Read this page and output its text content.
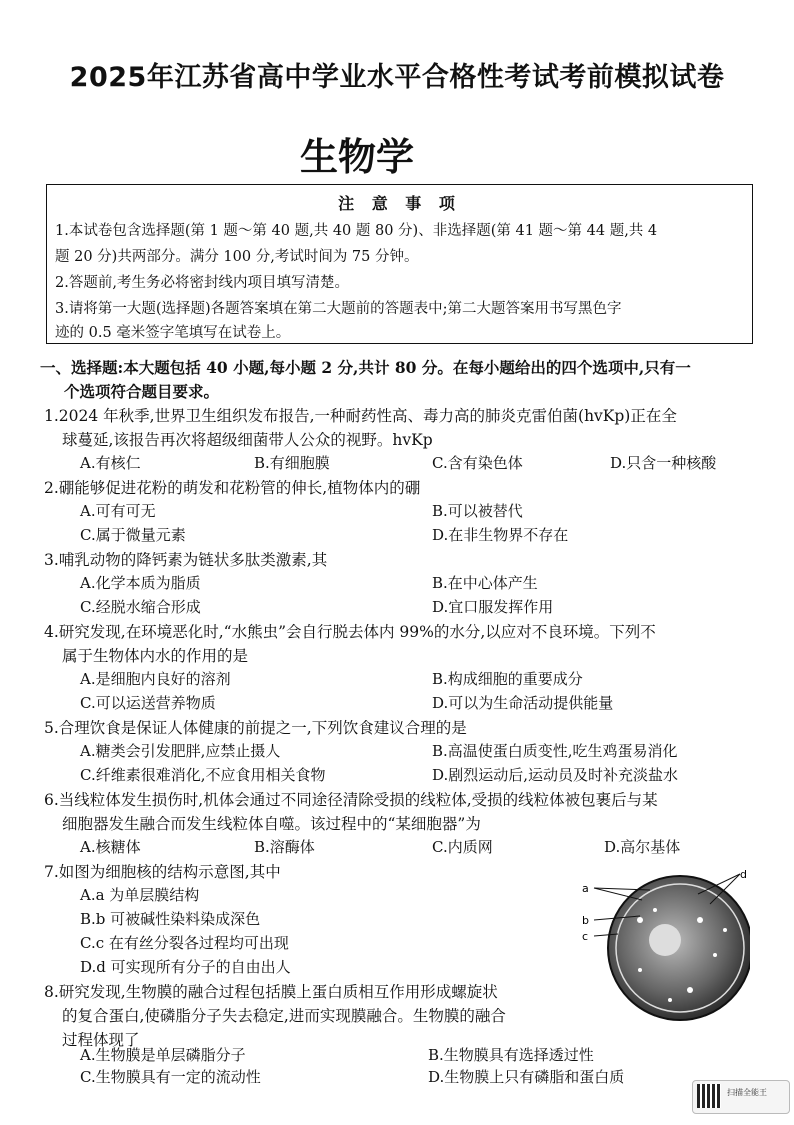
2025年江苏省高中学业水平合格性考试考前模拟试卷
生物学
注 意 事 项
1.本试卷包含选择题(第 1 题～第 40 题,共 40 题 80 分)、非选择题(第 41 题～第 44 题,共 4
题 20 分)共两部分。满分 100 分,考试时间为 75 分钟。
2.答题前,考生务必将密封线内项目填写清楚。
3.请将第一大题(选择题)各题答案填在第二大题前的答题表中;第二大题答案用书写黑色字
迹的 0.5 毫米签字笔填写在试卷上。
一、选择题:本大题包括 40 小题,每小题 2 分,共计 80 分。在每小题给出的四个选项中,只有一
个选项符合题目要求。
1.2024 年秋季,世界卫生组织发布报告,一种耐药性高、毒力高的肺炎克雷伯菌(hvKp)正在全
球蔓延,该报告再次将超级细菌带人公众的视野。hvKp
A.有核仁	B.有细胞膜	C.含有染色体	D.只含一种核酸
2.硼能够促进花粉的萌发和花粉管的伸长,植物体内的硼
A.可有可无	B.可以被替代
C.属于微量元素	D.在非生物界不存在
3.哺乳动物的降钙素为链状多肽类激素,其
A.化学本质为脂质	B.在中心体产生
C.经脱水缩合形成	D.宜口服发挥作用
4.研究发现,在环境恶化时,“水熊虫”会自行脱去体内 99%的水分,以应对不良环境。下列不
属于生物体内水的作用的是
A.是细胞内良好的溶剂	B.构成细胞的重要成分
C.可以运送营养物质	D.可以为生命活动提供能量
5.合理饮食是保证人体健康的前提之一,下列饮食建议合理的是
A.糖类会引发肥胖,应禁止摄人	B.高温使蛋白质变性,吃生鸡蛋易消化
C.纤维素很难消化,不应食用相关食物	D.剧烈运动后,运动员及时补充淡盐水
6.当线粒体发生损伤时,机体会通过不同途径清除受损的线粒体,受损的线粒体被包裹后与某
细胞器发生融合而发生线粒体自噬。该过程中的“某细胞器”为
A.核糖体	B.溶酶体	C.内质网	D.高尔基体
7.如图为细胞核的结构示意图,其中
A.a 为单层膜结构
B.b 可被碱性染料染成深色
C.c 在有丝分裂各过程均可出现
D.d 可实现所有分子的自由出人
a
b
c
d
8.研究发现,生物膜的融合过程包括膜上蛋白质相互作用形成螺旋状
的复合蛋白,使磷脂分子失去稳定,进而实现膜融合。生物膜的融合
过程体现了
A.生物膜是单层磷脂分子	B.生物膜具有选择透过性
C.生物膜具有一定的流动性	D.生物膜上只有磷脂和蛋白质
扫描全能王
